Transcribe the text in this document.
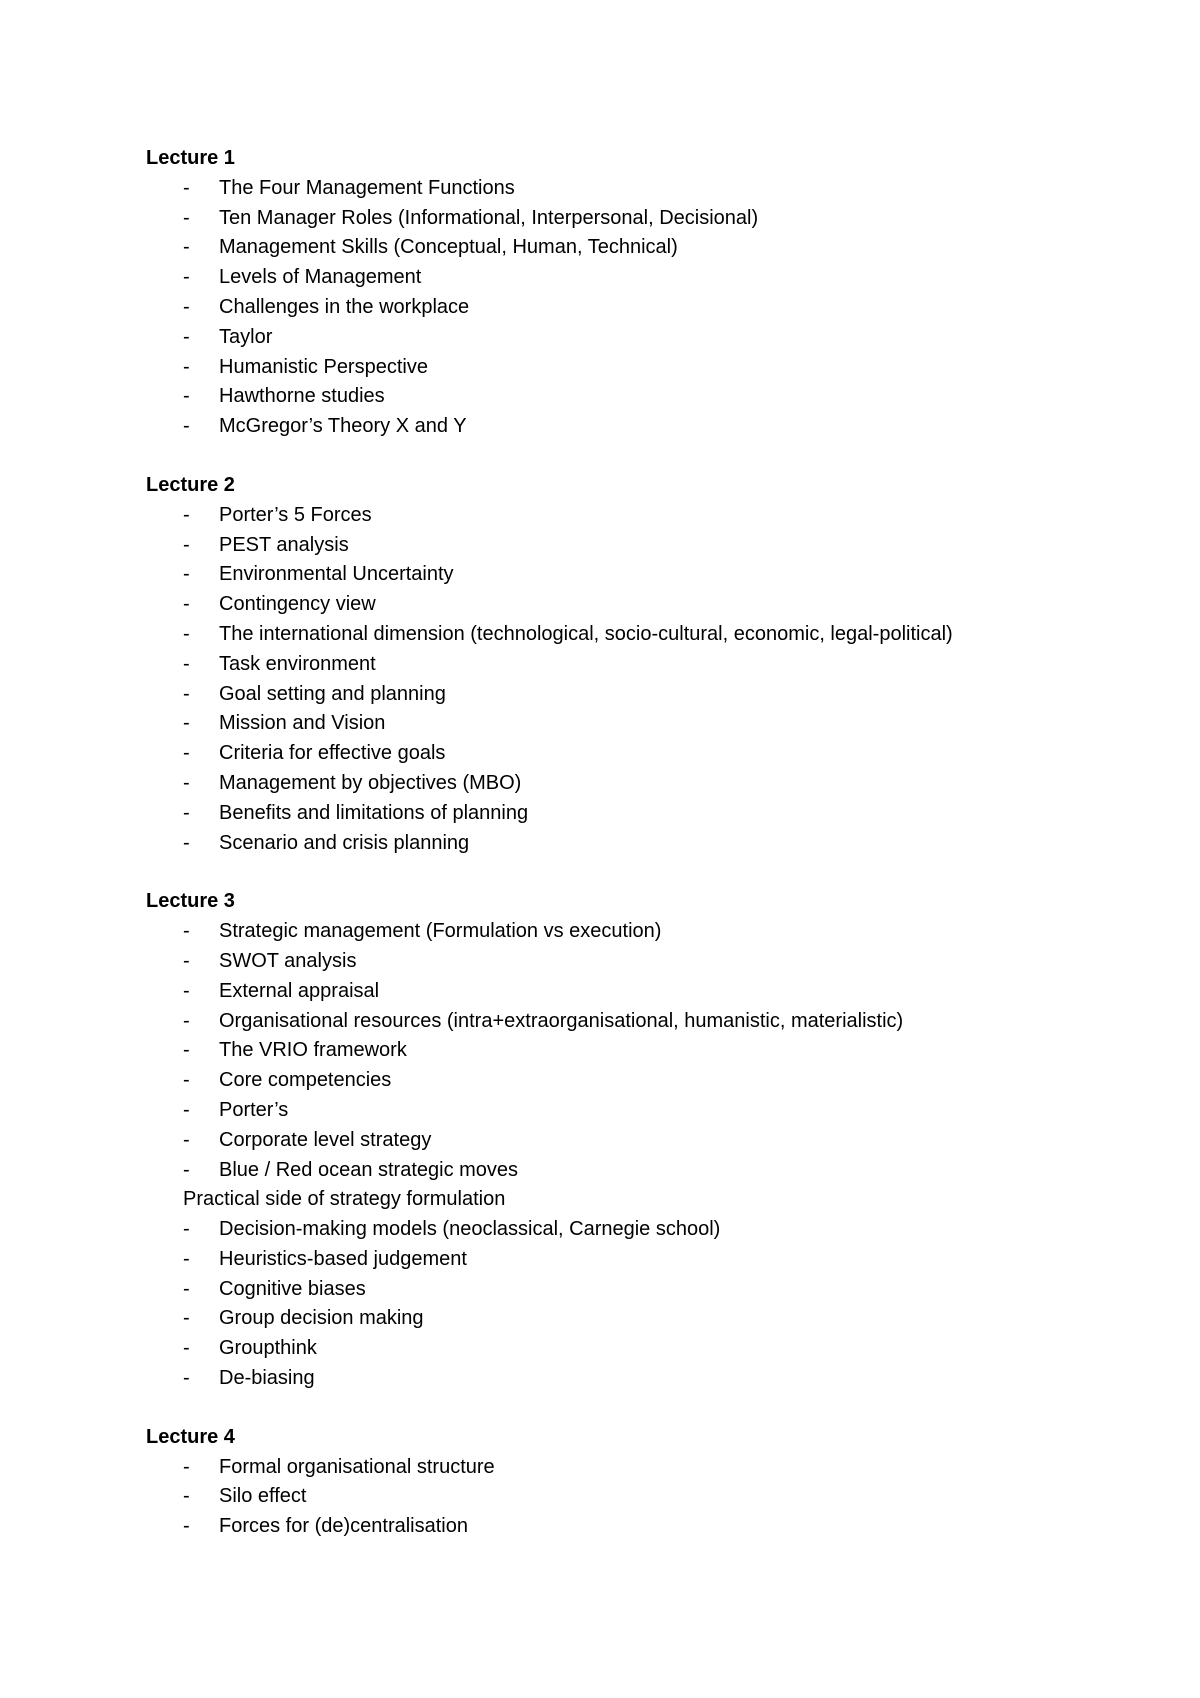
Lecture 1
- The Four Management Functions
- Ten Manager Roles (Informational, Interpersonal, Decisional)
- Management Skills (Conceptual, Human, Technical)
- Levels of Management
- Challenges in the workplace
- Taylor
- Humanistic Perspective
- Hawthorne studies
- McGregor’s Theory X and Y
Lecture 2
- Porter’s 5 Forces
- PEST analysis
- Environmental Uncertainty
- Contingency view
- The international dimension (technological, socio-cultural, economic, legal-political)
- Task environment
- Goal setting and planning
- Mission and Vision
- Criteria for effective goals
- Management by objectives (MBO)
- Benefits and limitations of planning
- Scenario and crisis planning
Lecture 3
- Strategic management (Formulation vs execution)
- SWOT analysis
- External appraisal
- Organisational resources (intra+extraorganisational, humanistic, materialistic)
- The VRIO framework
- Core competencies
- Porter’s
- Corporate level strategy
- Blue / Red ocean strategic moves
Practical side of strategy formulation
- Decision-making models (neoclassical, Carnegie school)
- Heuristics-based judgement
- Cognitive biases
- Group decision making
- Groupthink
- De-biasing
Lecture 4
- Formal organisational structure
- Silo effect
- Forces for (de)centralisation
